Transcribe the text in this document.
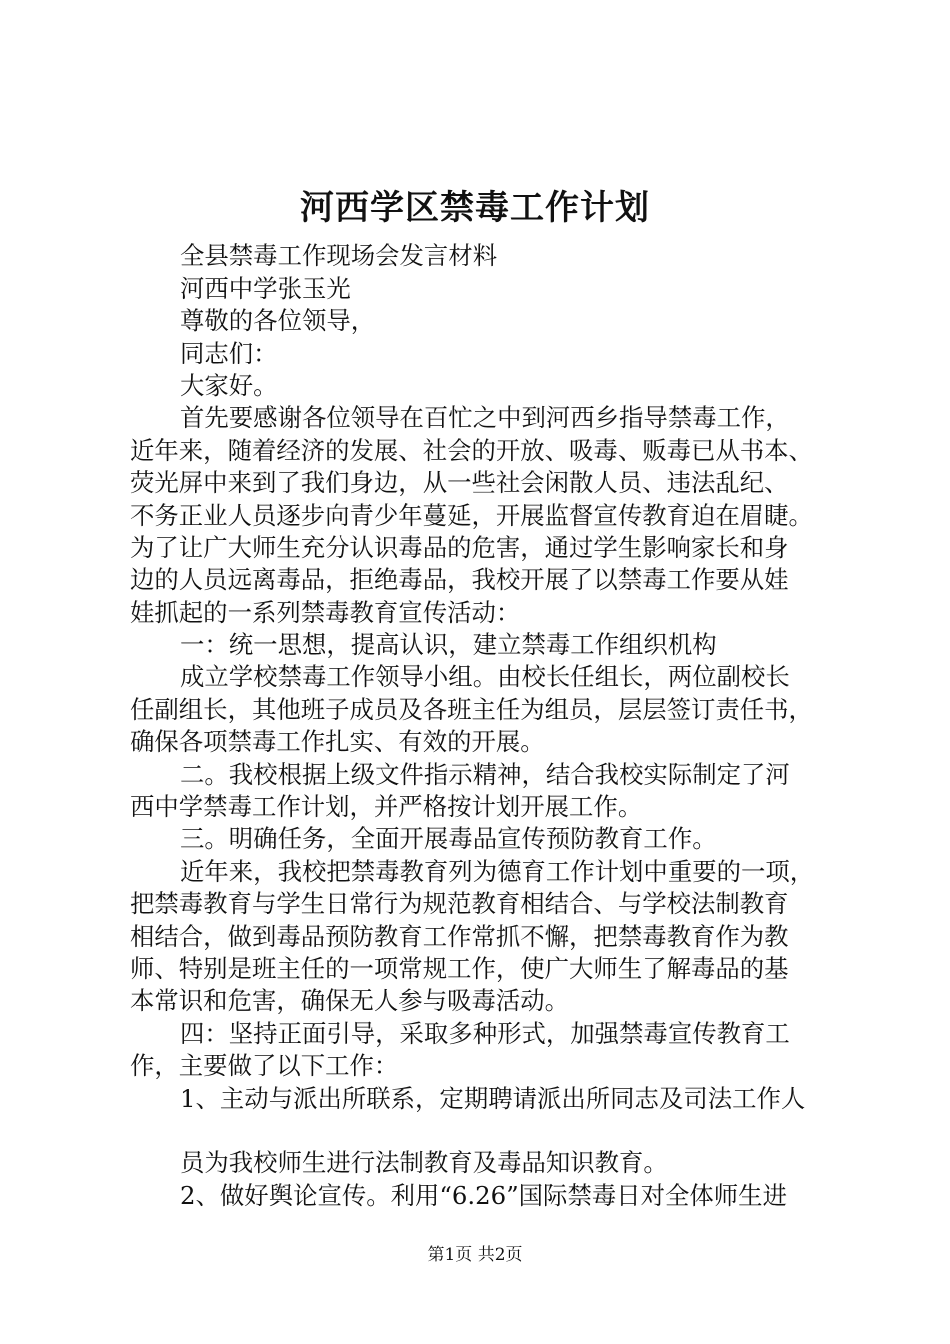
河西学区禁毒工作计划
全县禁毒工作现场会发言材料
河西中学张玉光
尊敬的各位领导，
同志们：
大家好。
首先要感谢各位领导在百忙之中到河西乡指导禁毒工作，
近年来，随着经济的发展、社会的开放、吸毒、贩毒已从书本、
荧光屏中来到了我们身边，从一些社会闲散人员、违法乱纪、
不务正业人员逐步向青少年蔓延，开展监督宣传教育迫在眉睫。
为了让广大师生充分认识毒品的危害，通过学生影响家长和身
边的人员远离毒品，拒绝毒品，我校开展了以禁毒工作要从娃
娃抓起的一系列禁毒教育宣传活动：
一：统一思想，提高认识，建立禁毒工作组织机构
成立学校禁毒工作领导小组。由校长任组长，两位副校长
任副组长，其他班子成员及各班主任为组员，层层签订责任书，
确保各项禁毒工作扎实、有效的开展。
二。我校根据上级文件指示精神，结合我校实际制定了河
西中学禁毒工作计划，并严格按计划开展工作。
三。明确任务，全面开展毒品宣传预防教育工作。
近年来，我校把禁毒教育列为德育工作计划中重要的一项，
把禁毒教育与学生日常行为规范教育相结合、与学校法制教育
相结合，做到毒品预防教育工作常抓不懈，把禁毒教育作为教
师、特别是班主任的一项常规工作，使广大师生了解毒品的基
本常识和危害，确保无人参与吸毒活动。
四：坚持正面引导，采取多种形式，加强禁毒宣传教育工
作，主要做了以下工作：
1、主动与派出所联系，定期聘请派出所同志及司法工作人
员为我校师生进行法制教育及毒品知识教育。
2、做好舆论宣传。利用“6.26”国际禁毒日对全体师生进
第1页 共2页
